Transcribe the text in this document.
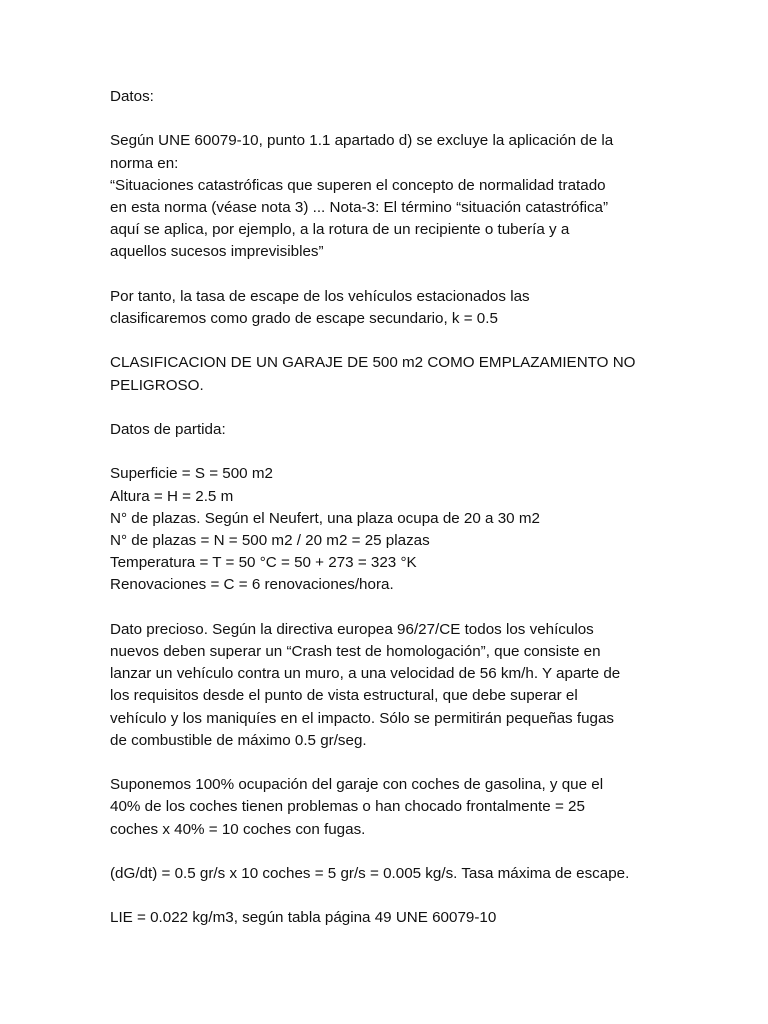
Datos:

Según UNE 60079-10, punto 1.1 apartado d) se excluye la aplicación de la
norma en:
“Situaciones catastróficas que superen el concepto de normalidad tratado
en esta norma (véase nota 3) ... Nota-3: El término “situación catastrófica”
aquí se aplica, por ejemplo, a la rotura de un recipiente o tubería y a
aquellos sucesos imprevisibles”

Por tanto, la tasa de escape de los vehículos estacionados las
clasificaremos como grado de escape secundario, k = 0.5

CLASIFICACION DE UN GARAJE DE 500 m2 COMO EMPLAZAMIENTO NO
PELIGROSO.

Datos de partida:

Superficie = S = 500 m2
Altura = H = 2.5 m
N° de plazas. Según el Neufert, una plaza ocupa de 20 a 30 m2
N° de plazas = N = 500 m2 / 20 m2 = 25 plazas
Temperatura = T = 50 °C = 50 + 273 = 323 °K
Renovaciones = C = 6 renovaciones/hora.

Dato precioso. Según la directiva europea 96/27/CE todos los vehículos
nuevos deben superar un “Crash test de homologación”, que consiste en
lanzar un vehículo contra un muro, a una velocidad de 56 km/h. Y aparte de
los requisitos desde el punto de vista estructural, que debe superar el
vehículo y los maniquíes en el impacto. Sólo se permitirán pequeñas fugas
de combustible de máximo 0.5 gr/seg.

Suponemos 100% ocupación del garaje con coches de gasolina, y que el
40% de los coches tienen problemas o han chocado frontalmente = 25
coches x 40% = 10 coches con fugas.

(dG/dt) = 0.5 gr/s x 10 coches = 5 gr/s = 0.005 kg/s. Tasa máxima de escape.

LIE = 0.022 kg/m3, según tabla página 49 UNE 60079-10
